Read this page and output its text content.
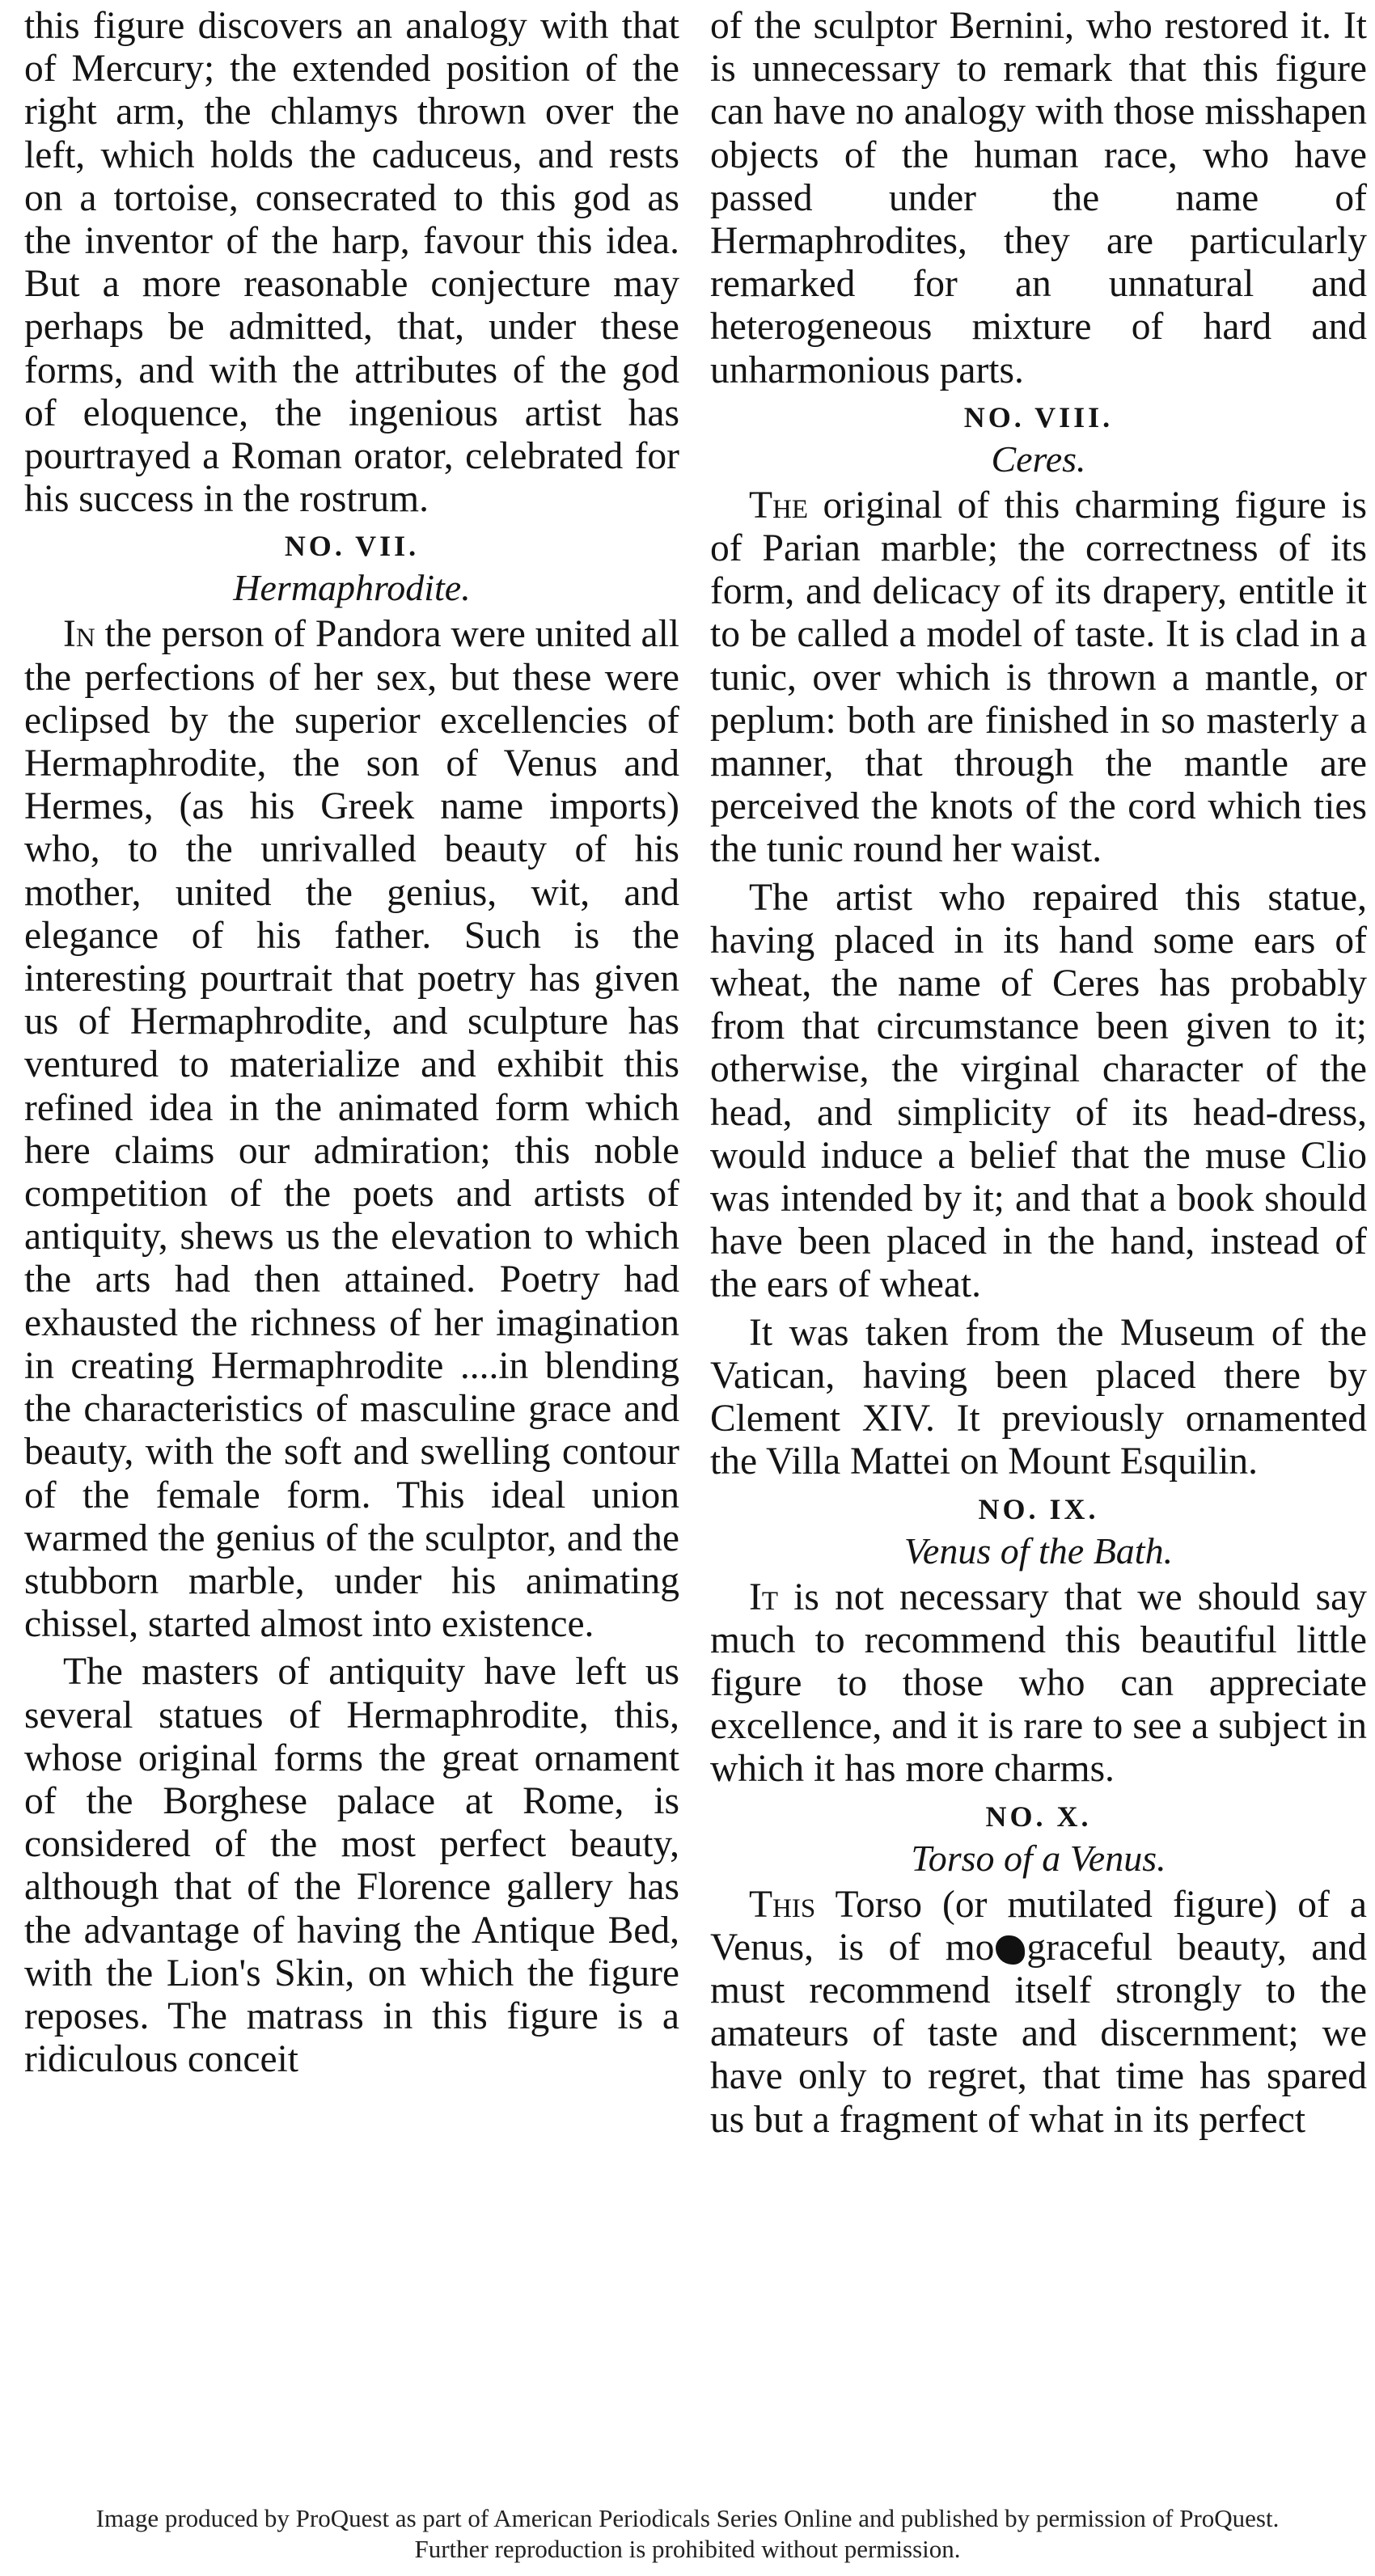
this figure discovers an analogy with that of Mercury; the extended position of the right arm, the chlamys thrown over the left, which holds the caduceus, and rests on a tortoise, consecrated to this god as the inventor of the harp, favour this idea. But a more reasonable conjecture may perhaps be admitted, that, under these forms, and with the attributes of the god of eloquence, the ingenious artist has pourtrayed a Roman orator, celebrated for his success in the rostrum.

NO. VII.
Hermaphrodite.

In the person of Pandora were united all the perfections of her sex, but these were eclipsed by the superior excellencies of Hermaphrodite, the son of Venus and Hermes, (as his Greek name imports) who, to the unrivalled beauty of his mother, united the genius, wit, and elegance of his father. Such is the interesting pourtrait that poetry has given us of Hermaphrodite, and sculpture has ventured to materialize and exhibit this refined idea in the animated form which here claims our admiration; this noble competition of the poets and artists of antiquity, shews us the elevation to which the arts had then attained. Poetry had exhausted the richness of her imagination in creating Hermaphrodite ....in blending the characteristics of masculine grace and beauty, with the soft and swelling contour of the female form. This ideal union warmed the genius of the sculptor, and the stubborn marble, under his animating chissel, started almost into existence.

The masters of antiquity have left us several statues of Hermaphrodite, this, whose original forms the great ornament of the Borghese palace at Rome, is considered of the most perfect beauty, although that of the Florence gallery has the advantage of having the Antique Bed, with the Lion's Skin, on which the figure reposes. The matrass in this figure is a ridiculous conceit

of the sculptor Bernini, who restored it. It is unnecessary to remark that this figure can have no analogy with those misshapen objects of the human race, who have passed under the name of Hermaphrodites, they are particularly remarked for an unnatural and heterogeneous mixture of hard and unharmonious parts.

NO. VIII.
Ceres.

The original of this charming figure is of Parian marble; the correctness of its form, and delicacy of its drapery, entitle it to be called a model of taste. It is clad in a tunic, over which is thrown a mantle, or peplum: both are finished in so masterly a manner, that through the mantle are perceived the knots of the cord which ties the tunic round her waist.

The artist who repaired this statue, having placed in its hand some ears of wheat, the name of Ceres has probably from that circumstance been given to it; otherwise, the virginal character of the head, and simplicity of its head-dress, would induce a belief that the muse Clio was intended by it; and that a book should have been placed in the hand, instead of the ears of wheat.

It was taken from the Museum of the Vatican, having been placed there by Clement XIV. It previously ornamented the Villa Mattei on Mount Esquilin.

NO. IX.
Venus of the Bath.

It is not necessary that we should say much to recommend this beautiful little figure to those who can appreciate excellence, and it is rare to see a subject in which it has more charms.

NO. X.
Torso of a Venus.

This Torso (or mutilated figure) of a Venus, is of mo graceful beauty, and must recommend itself strongly to the amateurs of taste and discernment; we have only to regret, that time has spared us but a fragment of what in its perfect

Image produced by ProQuest as part of American Periodicals Series Online and published by permission of ProQuest.
Further reproduction is prohibited without permission.
